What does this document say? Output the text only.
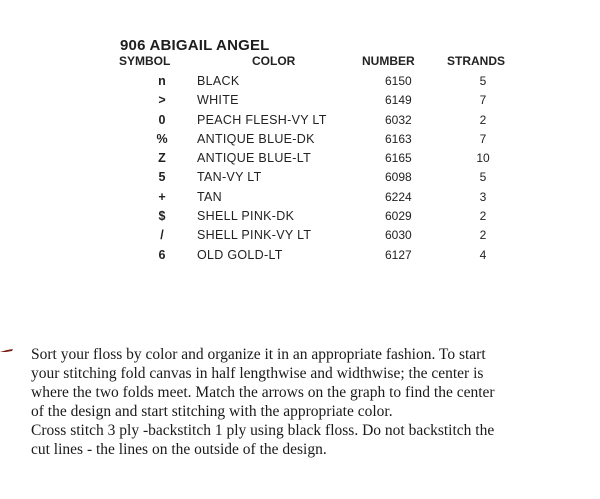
906 ABIGAIL ANGEL
SYMBOL	COLOR	NUMBER	STRANDS
n	BLACK	6150	5
>	WHITE	6149	7
0	PEACH FLESH-VY LT	6032	2
%	ANTIQUE BLUE-DK	6163	7
Z	ANTIQUE BLUE-LT	6165	10
5	TAN-VY LT	6098	5
+	TAN	6224	3
$	SHELL PINK-DK	6029	2
/	SHELL PINK-VY LT	6030	2
6	OLD GOLD-LT	6127	4

Sort your floss by color and organize it in an appropriate fashion. To start

your stitching fold canvas in half lengthwise and widthwise; the center is

where the two folds meet. Match the arrows on the graph to find the center

of the design and start stitching with the appropriate color.

Cross stitch 3 ply -backstitch 1 ply using black floss. Do not backstitch the

cut lines - the lines on the outside of the design.
